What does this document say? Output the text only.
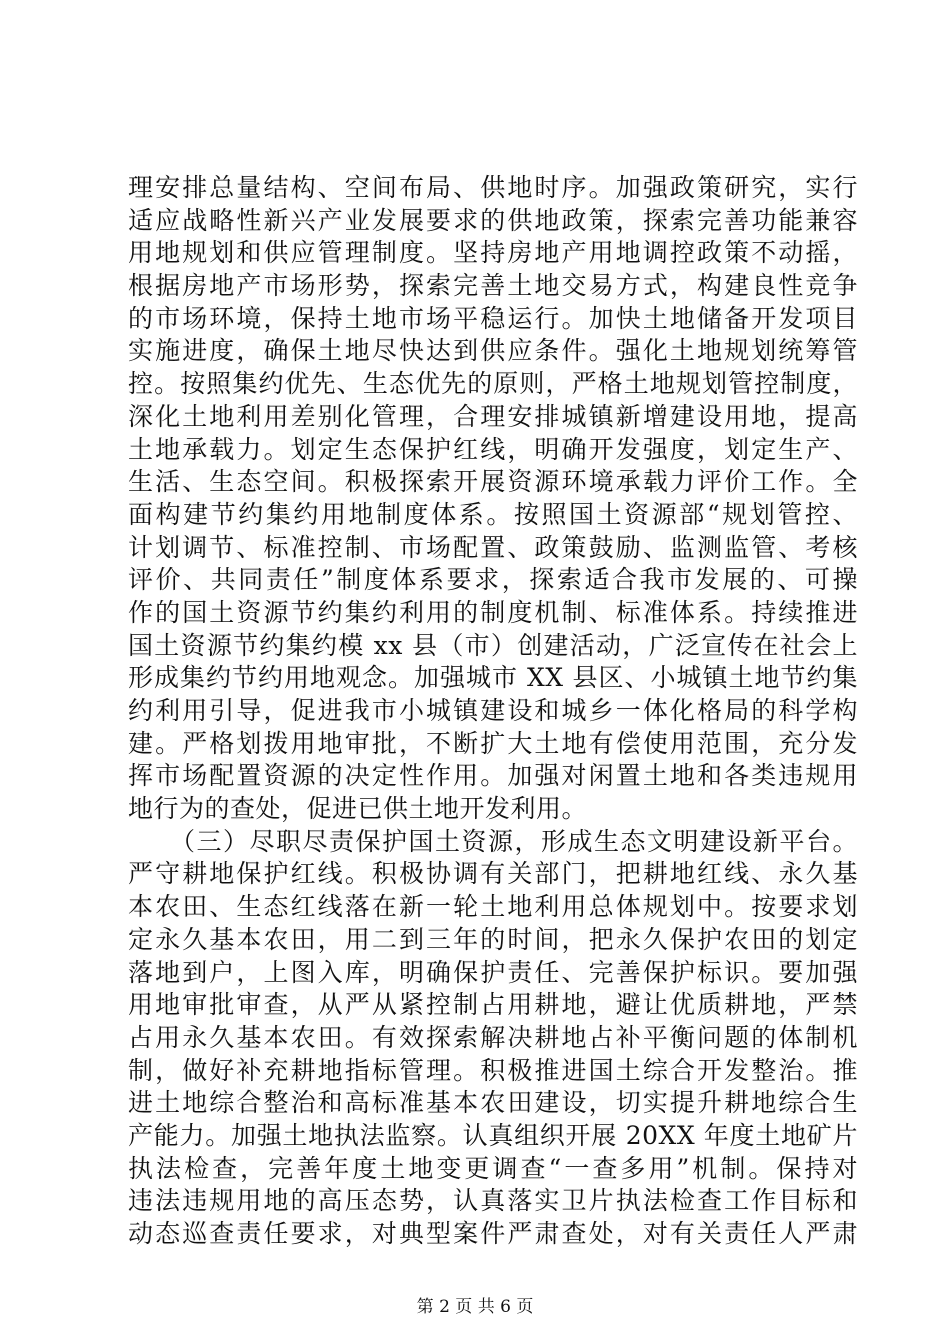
理安排总量结构、空间布局、供地时序。加强政策研究，实行
适应战略性新兴产业发展要求的供地政策，探索完善功能兼容
用地规划和供应管理制度。坚持房地产用地调控政策不动摇，
根据房地产市场形势，探索完善土地交易方式，构建良性竞争
的市场环境，保持土地市场平稳运行。加快土地储备开发项目
实施进度，确保土地尽快达到供应条件。强化土地规划统筹管
控。按照集约优先、生态优先的原则，严格土地规划管控制度，
深化土地利用差别化管理，合理安排城镇新增建设用地，提高
土地承载力。划定生态保护红线，明确开发强度，划定生产、
生活、生态空间。积极探索开展资源环境承载力评价工作。全
面构建节约集约用地制度体系。按照国土资源部“规划管控、
计划调节、标准控制、市场配置、政策鼓励、监测监管、考核
评价、共同责任”制度体系要求，探索适合我市发展的、可操
作的国土资源节约集约利用的制度机制、标准体系。持续推进
国土资源节约集约模 xx 县（市）创建活动，广泛宣传在社会上
形成集约节约用地观念。加强城市 XX 县区、小城镇土地节约集
约利用引导，促进我市小城镇建设和城乡一体化格局的科学构
建。严格划拨用地审批，不断扩大土地有偿使用范围，充分发
挥市场配置资源的决定性作用。加强对闲置土地和各类违规用
地行为的查处，促进已供土地开发利用。
（三）尽职尽责保护国土资源，形成生态文明建设新平台。
严守耕地保护红线。积极协调有关部门，把耕地红线、永久基
本农田、生态红线落在新一轮土地利用总体规划中。按要求划
定永久基本农田，用二到三年的时间，把永久保护农田的划定
落地到户，上图入库，明确保护责任、完善保护标识。要加强
用地审批审查，从严从紧控制占用耕地，避让优质耕地，严禁
占用永久基本农田。有效探索解决耕地占补平衡问题的体制机
制，做好补充耕地指标管理。积极推进国土综合开发整治。推
进土地综合整治和高标准基本农田建设，切实提升耕地综合生
产能力。加强土地执法监察。认真组织开展 20XX 年度土地矿片
执法检查，完善年度土地变更调查“一查多用”机制。保持对
违法违规用地的高压态势，认真落实卫片执法检查工作目标和
动态巡查责任要求，对典型案件严肃查处，对有关责任人严肃
第 2 页 共 6 页
